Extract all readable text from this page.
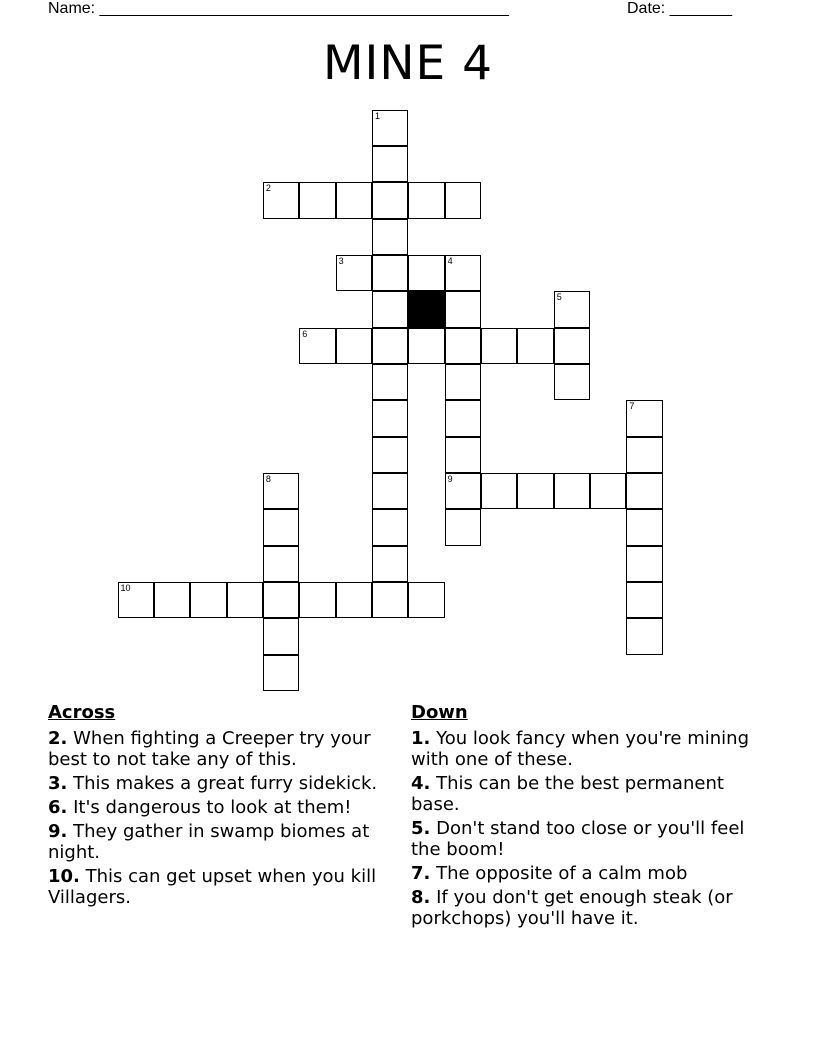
Name: ______________________________________________	Date: _______
MINE 4
1
2
3	4
5
6
7
8	9
10
Across
2. When fighting a Creeper try your best to not take any of this.
3. This makes a great furry sidekick.
6. It's dangerous to look at them!
9. They gather in swamp biomes at night.
10. This can get upset when you kill Villagers.
Down
1. You look fancy when you're mining with one of these.
4. This can be the best permanent base.
5. Don't stand too close or you'll feel the boom!
7. The opposite of a calm mob
8. If you don't get enough steak (or porkchops) you'll have it.
